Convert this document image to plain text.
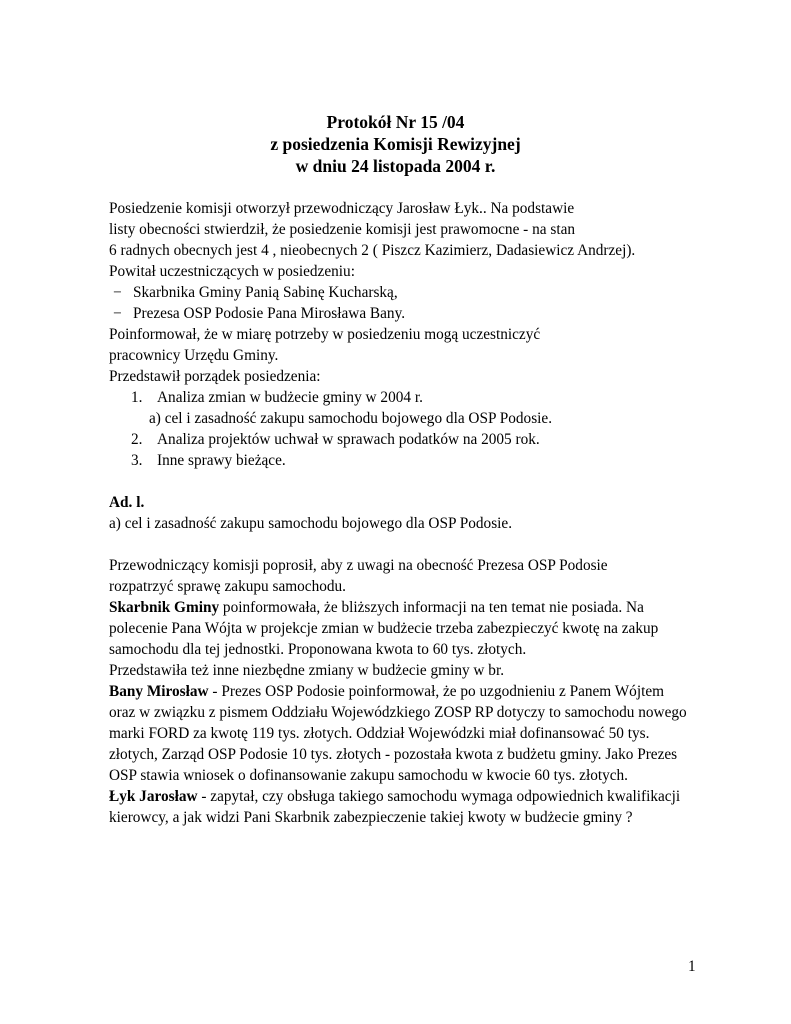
Protokół Nr 15 /04
z posiedzenia Komisji Rewizyjnej
w dniu 24 listopada 2004 r.
Posiedzenie komisji otworzył przewodniczący Jarosław Łyk.. Na podstawie
listy obecności stwierdził, że posiedzenie komisji jest prawomocne - na stan
6 radnych obecnych jest 4 , nieobecnych 2 ( Piszcz Kazimierz, Dadasiewicz Andrzej).
Powitał uczestniczących w posiedzeniu:
− Skarbnika Gminy Panią Sabinę Kucharską,
− Prezesa OSP Podosie Pana Mirosława Bany.
Poinformował, że w miarę potrzeby w posiedzeniu mogą uczestniczyć
pracownicy Urzędu Gminy.
Przedstawił porządek posiedzenia:
1. Analiza zmian w budżecie gminy w 2004 r.
a) cel i zasadność zakupu samochodu bojowego dla OSP Podosie.
2. Analiza projektów uchwał w sprawach podatków na 2005 rok.
3. Inne sprawy bieżące.
Ad. l.
a) cel i zasadność zakupu samochodu bojowego dla OSP Podosie.
Przewodniczący komisji poprosił, aby z uwagi na obecność Prezesa OSP Podosie
rozpatrzyć sprawę zakupu samochodu.
Skarbnik Gminy poinformowała, że bliższych informacji na ten temat nie posiada. Na
polecenie Pana Wójta w projekcje zmian w budżecie trzeba zabezpieczyć kwotę na zakup
samochodu dla tej jednostki. Proponowana kwota to 60 tys. złotych.
Przedstawiła też inne niezbędne zmiany w budżecie gminy w br.
Bany Mirosław - Prezes OSP Podosie poinformował, że po uzgodnieniu z Panem Wójtem
oraz w związku z pismem Oddziału Wojewódzkiego ZOSP RP dotyczy to samochodu nowego
marki FORD za kwotę 119 tys. złotych. Oddział Wojewódzki miał dofinansować 50 tys.
złotych, Zarząd OSP Podosie 10 tys. złotych - pozostała kwota z budżetu gminy. Jako Prezes
OSP stawia wniosek o dofinansowanie zakupu samochodu w kwocie 60 tys. złotych.
Łyk Jarosław - zapytał, czy obsługa takiego samochodu wymaga odpowiednich kwalifikacji
kierowcy, a jak widzi Pani Skarbnik zabezpieczenie takiej kwoty w budżecie gminy ?
1
